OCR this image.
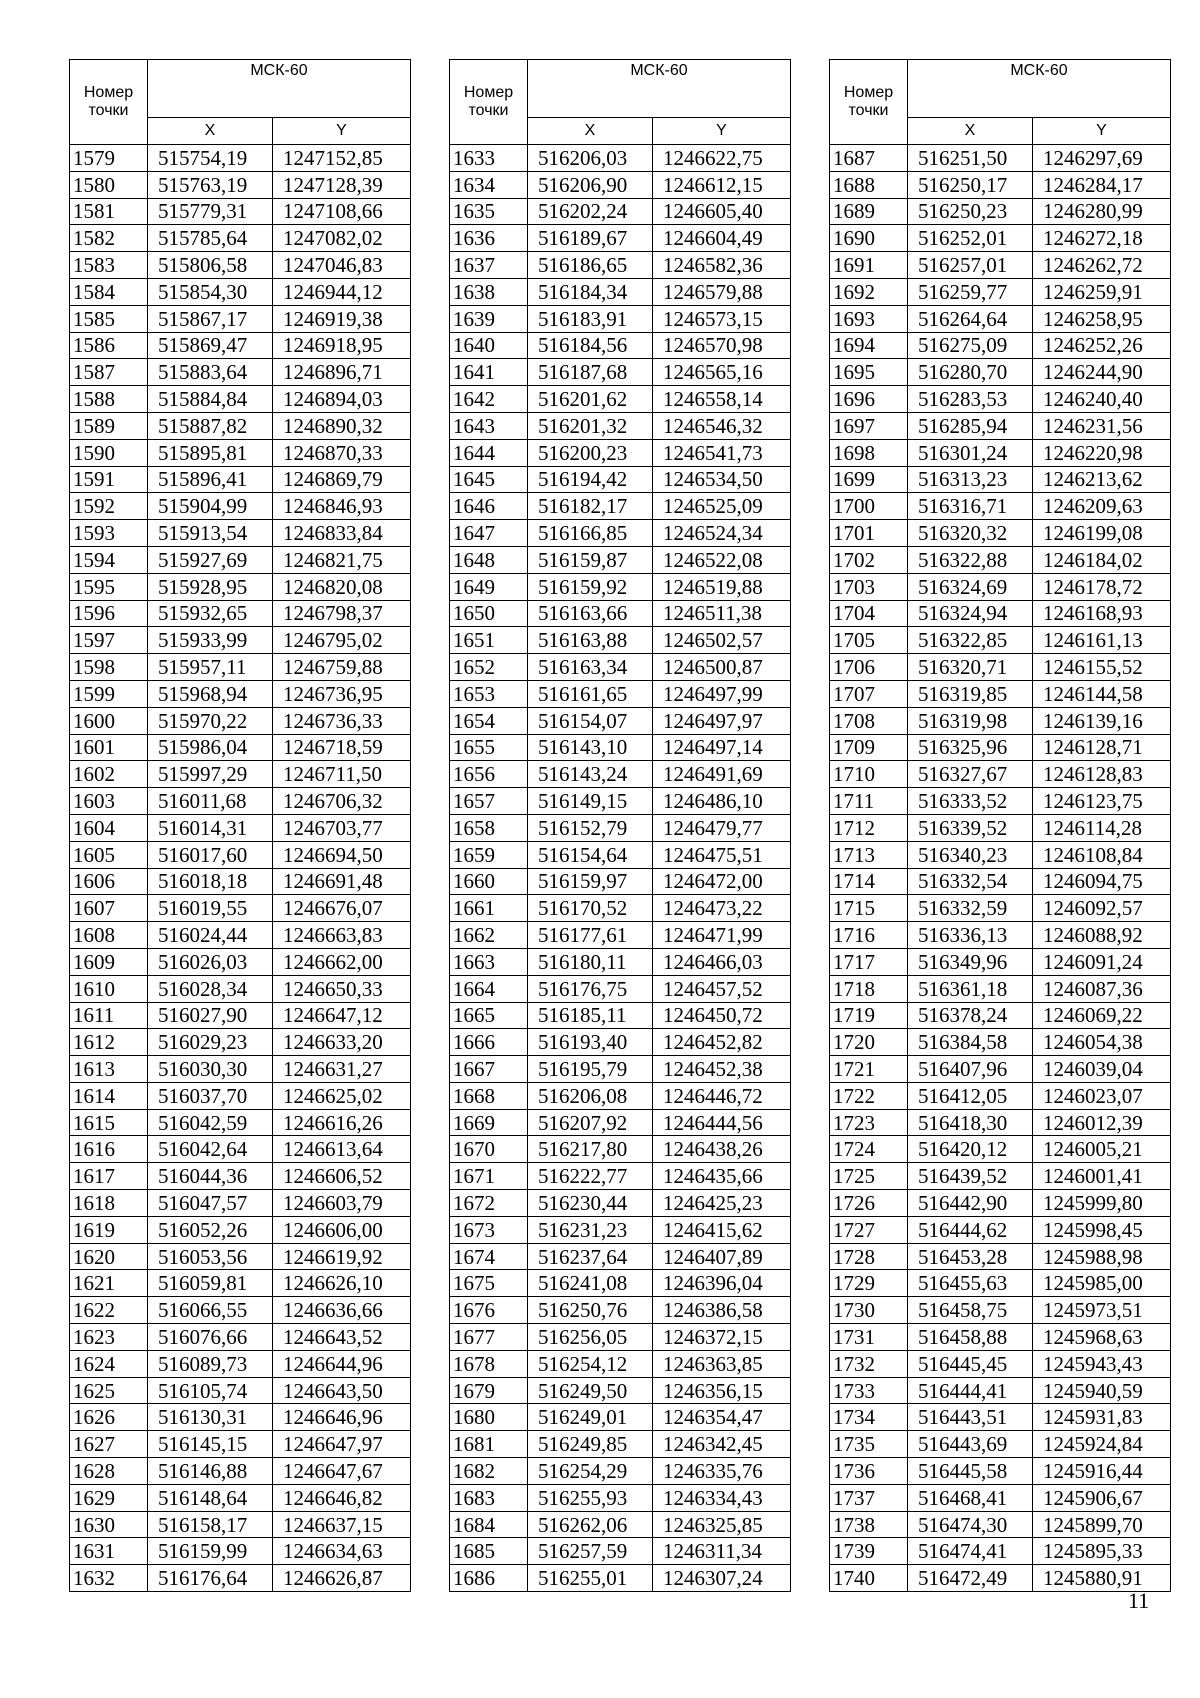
Номер точки	МСК-60	
	X	Y
1579	515754,19	1247152,85
1580	515763,19	1247128,39
1581	515779,31	1247108,66
1582	515785,64	1247082,02
1583	515806,58	1247046,83
1584	515854,30	1246944,12
1585	515867,17	1246919,38
1586	515869,47	1246918,95
1587	515883,64	1246896,71
1588	515884,84	1246894,03
1589	515887,82	1246890,32
1590	515895,81	1246870,33
1591	515896,41	1246869,79
1592	515904,99	1246846,93
1593	515913,54	1246833,84
1594	515927,69	1246821,75
1595	515928,95	1246820,08
1596	515932,65	1246798,37
1597	515933,99	1246795,02
1598	515957,11	1246759,88
1599	515968,94	1246736,95
1600	515970,22	1246736,33
1601	515986,04	1246718,59
1602	515997,29	1246711,50
1603	516011,68	1246706,32
1604	516014,31	1246703,77
1605	516017,60	1246694,50
1606	516018,18	1246691,48
1607	516019,55	1246676,07
1608	516024,44	1246663,83
1609	516026,03	1246662,00
1610	516028,34	1246650,33
1611	516027,90	1246647,12
1612	516029,23	1246633,20
1613	516030,30	1246631,27
1614	516037,70	1246625,02
1615	516042,59	1246616,26
1616	516042,64	1246613,64
1617	516044,36	1246606,52
1618	516047,57	1246603,79
1619	516052,26	1246606,00
1620	516053,56	1246619,92
1621	516059,81	1246626,10
1622	516066,55	1246636,66
1623	516076,66	1246643,52
1624	516089,73	1246644,96
1625	516105,74	1246643,50
1626	516130,31	1246646,96
1627	516145,15	1246647,97
1628	516146,88	1246647,67
1629	516148,64	1246646,82
1630	516158,17	1246637,15
1631	516159,99	1246634,63
1632	516176,64	1246626,87
Номер точки	МСК-60	
	X	Y
1633	516206,03	1246622,75
1634	516206,90	1246612,15
1635	516202,24	1246605,40
1636	516189,67	1246604,49
1637	516186,65	1246582,36
1638	516184,34	1246579,88
1639	516183,91	1246573,15
1640	516184,56	1246570,98
1641	516187,68	1246565,16
1642	516201,62	1246558,14
1643	516201,32	1246546,32
1644	516200,23	1246541,73
1645	516194,42	1246534,50
1646	516182,17	1246525,09
1647	516166,85	1246524,34
1648	516159,87	1246522,08
1649	516159,92	1246519,88
1650	516163,66	1246511,38
1651	516163,88	1246502,57
1652	516163,34	1246500,87
1653	516161,65	1246497,99
1654	516154,07	1246497,97
1655	516143,10	1246497,14
1656	516143,24	1246491,69
1657	516149,15	1246486,10
1658	516152,79	1246479,77
1659	516154,64	1246475,51
1660	516159,97	1246472,00
1661	516170,52	1246473,22
1662	516177,61	1246471,99
1663	516180,11	1246466,03
1664	516176,75	1246457,52
1665	516185,11	1246450,72
1666	516193,40	1246452,82
1667	516195,79	1246452,38
1668	516206,08	1246446,72
1669	516207,92	1246444,56
1670	516217,80	1246438,26
1671	516222,77	1246435,66
1672	516230,44	1246425,23
1673	516231,23	1246415,62
1674	516237,64	1246407,89
1675	516241,08	1246396,04
1676	516250,76	1246386,58
1677	516256,05	1246372,15
1678	516254,12	1246363,85
1679	516249,50	1246356,15
1680	516249,01	1246354,47
1681	516249,85	1246342,45
1682	516254,29	1246335,76
1683	516255,93	1246334,43
1684	516262,06	1246325,85
1685	516257,59	1246311,34
1686	516255,01	1246307,24
Номер точки	МСК-60	
	X	Y
1687	516251,50	1246297,69
1688	516250,17	1246284,17
1689	516250,23	1246280,99
1690	516252,01	1246272,18
1691	516257,01	1246262,72
1692	516259,77	1246259,91
1693	516264,64	1246258,95
1694	516275,09	1246252,26
1695	516280,70	1246244,90
1696	516283,53	1246240,40
1697	516285,94	1246231,56
1698	516301,24	1246220,98
1699	516313,23	1246213,62
1700	516316,71	1246209,63
1701	516320,32	1246199,08
1702	516322,88	1246184,02
1703	516324,69	1246178,72
1704	516324,94	1246168,93
1705	516322,85	1246161,13
1706	516320,71	1246155,52
1707	516319,85	1246144,58
1708	516319,98	1246139,16
1709	516325,96	1246128,71
1710	516327,67	1246128,83
1711	516333,52	1246123,75
1712	516339,52	1246114,28
1713	516340,23	1246108,84
1714	516332,54	1246094,75
1715	516332,59	1246092,57
1716	516336,13	1246088,92
1717	516349,96	1246091,24
1718	516361,18	1246087,36
1719	516378,24	1246069,22
1720	516384,58	1246054,38
1721	516407,96	1246039,04
1722	516412,05	1246023,07
1723	516418,30	1246012,39
1724	516420,12	1246005,21
1725	516439,52	1246001,41
1726	516442,90	1245999,80
1727	516444,62	1245998,45
1728	516453,28	1245988,98
1729	516455,63	1245985,00
1730	516458,75	1245973,51
1731	516458,88	1245968,63
1732	516445,45	1245943,43
1733	516444,41	1245940,59
1734	516443,51	1245931,83
1735	516443,69	1245924,84
1736	516445,58	1245916,44
1737	516468,41	1245906,67
1738	516474,30	1245899,70
1739	516474,41	1245895,33
1740	516472,49	1245880,91
11
